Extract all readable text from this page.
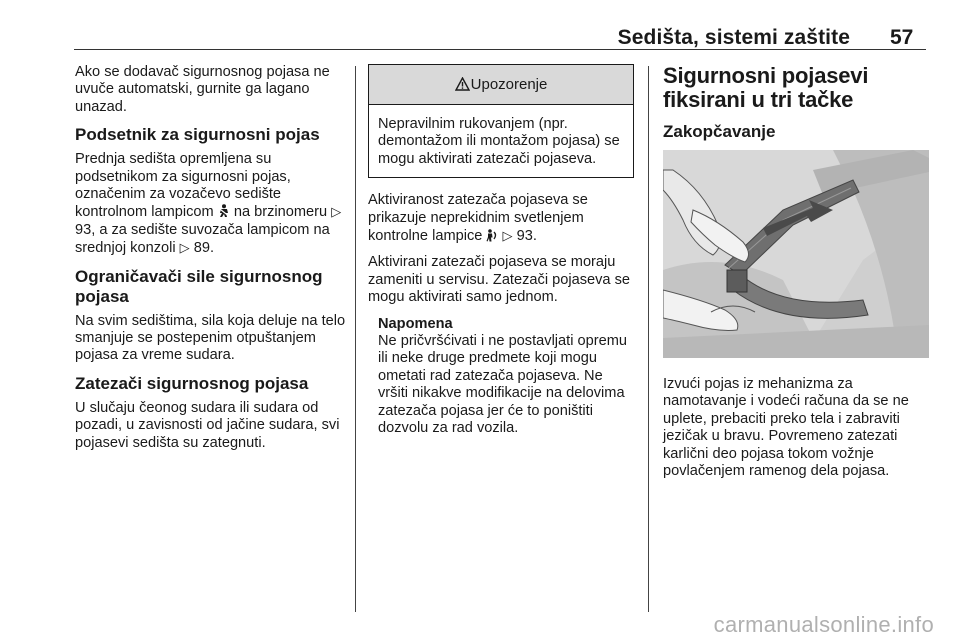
Sedišta, sistemi zaštite 57

Ako se dodavač sigurnosnog pojasa ne uvuče automatski, gurnite ga lagano unazad.

Podsetnik za sigurnosni pojas

Prednja sedišta opremljena su podsetnikom za sigurnosni pojas, označenim za vozačevo sedište kontrolnom lampicom na brzinomeru ▷ 93, a za sedište suvozača lampicom na srednjoj konzoli ▷ 89.

Ograničavači sile sigurnosnog pojasa

Na svim sedištima, sila koja deluje na telo smanjuje se postepenim otpuštanjem pojasa za vreme sudara.

Zatezači sigurnosnog pojasa

U slučaju čeonog sudara ili sudara od pozadi, u zavisnosti od jačine sudara, svi pojasevi sedišta su zategnuti.

Upozorenje
Nepravilnim rukovanjem (npr. demontažom ili montažom pojasa) se mogu aktivirati zatezači pojaseva.

Aktiviranost zatezača pojaseva se prikazuje neprekidnim svetlenjem kontrolne lampice ▷ 93.

Aktivirani zatezači pojaseva se moraju zameniti u servisu. Zatezači pojaseva se mogu aktivirati samo jednom.

Napomena
Ne pričvršćivati i ne postavljati opremu ili neke druge predmete koji mogu ometati rad zatezača pojaseva. Ne vršiti nikakve modifikacije na delovima zatezača pojasa jer će to poništiti dozvolu za rad vozila.
Sigurnosni pojasevi fiksirani u tri tačke
Zakopčavanje

Izvući pojas iz mehanizma za namotavanje i vodeći računa da se ne uplete, prebaciti preko tela i zabraviti jezičak u bravu. Povremeno zatezati karlični deo pojasa tokom vožnje povlačenjem ramenog dela pojasa.

carmanualsonline.info
